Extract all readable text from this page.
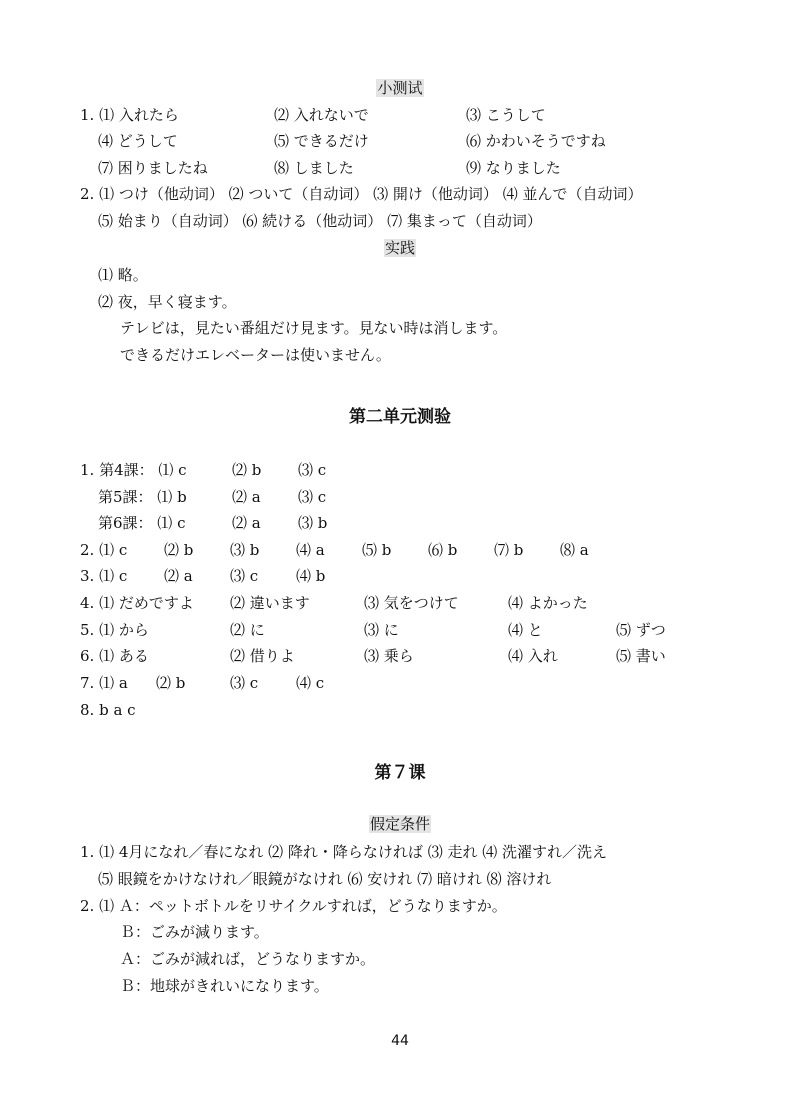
小测试
1. ⑴ 入れたら	⑵ 入れないで	⑶ こうして
⑷ どうして	⑸ できるだけ	⑹ かわいそうですね
⑺ 困りましたね	⑻ しました	⑼ なりました
2. ⑴ つけ（他动词） ⑵ ついて（自动词） ⑶ 開け（他动词） ⑷ 並んで（自动词）
⑸ 始まり（自动词） ⑹ 続ける（他动词） ⑺ 集まって（自动词）
实践
⑴ 略。
⑵ 夜，早く寝ます。
テレビは，見たい番組だけ見ます。見ない時は消します。
できるだけエレベーターは使いません。
第二单元测验
1. 第4課： ⑴ c	⑵ b ⑶ c
第5課： ⑴ b	⑵ a ⑶ c
第6課： ⑴ c	⑵ a ⑶ b
2. ⑴ c ⑵ b ⑶ b ⑷ a ⑸ b ⑹ b ⑺ b ⑻ a
3. ⑴ c ⑵ a ⑶ c	⑷ b
4. ⑴ だめですよ ⑵ 違います	⑶ 気をつけて	⑷ よかった
5. ⑴ から	⑵ に	⑶ に	⑷ と	⑸ ずつ
6. ⑴ ある	⑵ 借りよ	⑶ 乗ら	⑷ 入れ	⑸ 書い
7. ⑴ a ⑵ b	⑶ c	⑷ c
8. b a c
第７课
假定条件
1. ⑴ 4月になれ／春になれ ⑵ 降れ・降らなければ ⑶ 走れ ⑷ 洗濯すれ／洗え
⑸ 眼鏡をかけなけれ／眼鏡がなけれ ⑹ 安けれ ⑺ 暗けれ ⑻ 溶けれ
2. ⑴ Ａ：ペットボトルをリサイクルすれば，どうなりますか。
Ｂ：ごみが減ります。
Ａ：ごみが減れば，どうなりますか。
Ｂ：地球がきれいになります。
44
